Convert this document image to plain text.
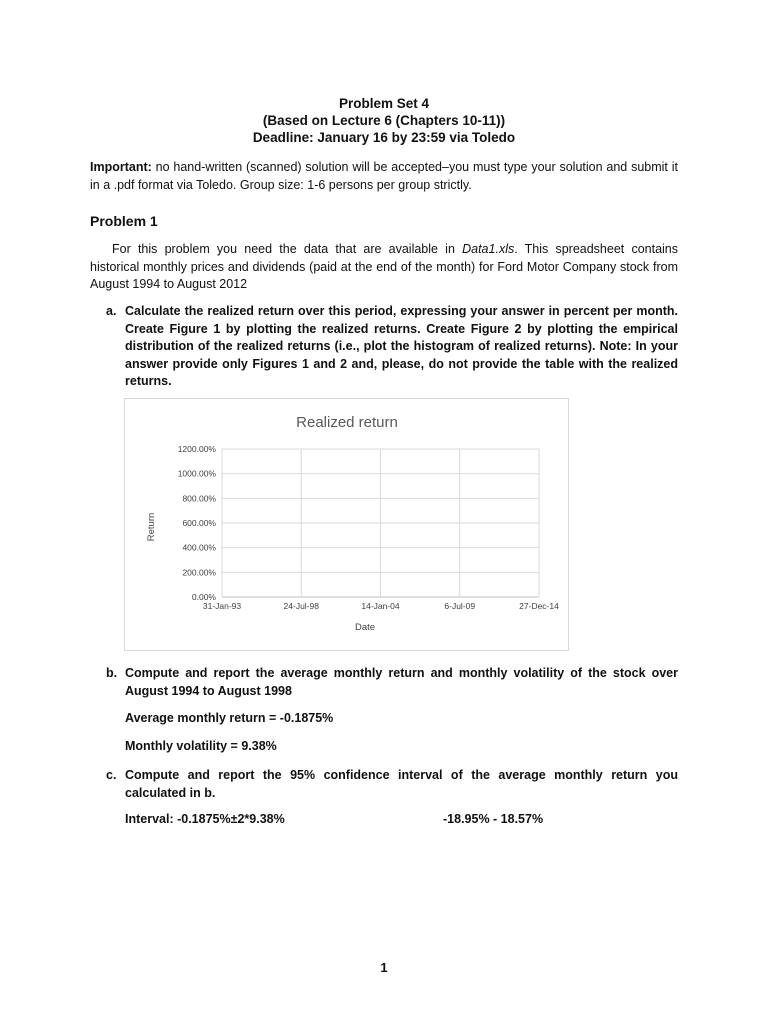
Problem Set 4
(Based on Lecture 6 (Chapters 10-11))
Deadline: January 16 by 23:59 via Toledo
Important: no hand-written (scanned) solution will be accepted–you must type your solution and submit it in a .pdf format via Toledo. Group size: 1-6 persons per group strictly.
Problem 1
For this problem you need the data that are available in Data1.xls. This spreadsheet contains historical monthly prices and dividends (paid at the end of the month) for Ford Motor Company stock from August 1994 to August 2012
a. Calculate the realized return over this period, expressing your answer in percent per month. Create Figure 1 by plotting the realized returns. Create Figure 2 by plotting the empirical distribution of the realized returns (i.e., plot the histogram of realized returns). Note: In your answer provide only Figures 1 and 2 and, please, do not provide the table with the realized returns.
Realized return
0.00%
200.00%
400.00%
600.00%
800.00%
1000.00%
1200.00%
31-Jan-93	24-Jul-98	14-Jan-04	6-Jul-09	27-Dec-14
Return
Date
b. Compute and report the average monthly return and monthly volatility of the stock over August 1994 to August 1998
Average monthly return = -0.1875%
Monthly volatility = 9.38%
c. Compute and report the 95% confidence interval of the average monthly return you calculated in b.
Interval: -0.1875%±2*9.38%	-18.95% - 18.57%
1
